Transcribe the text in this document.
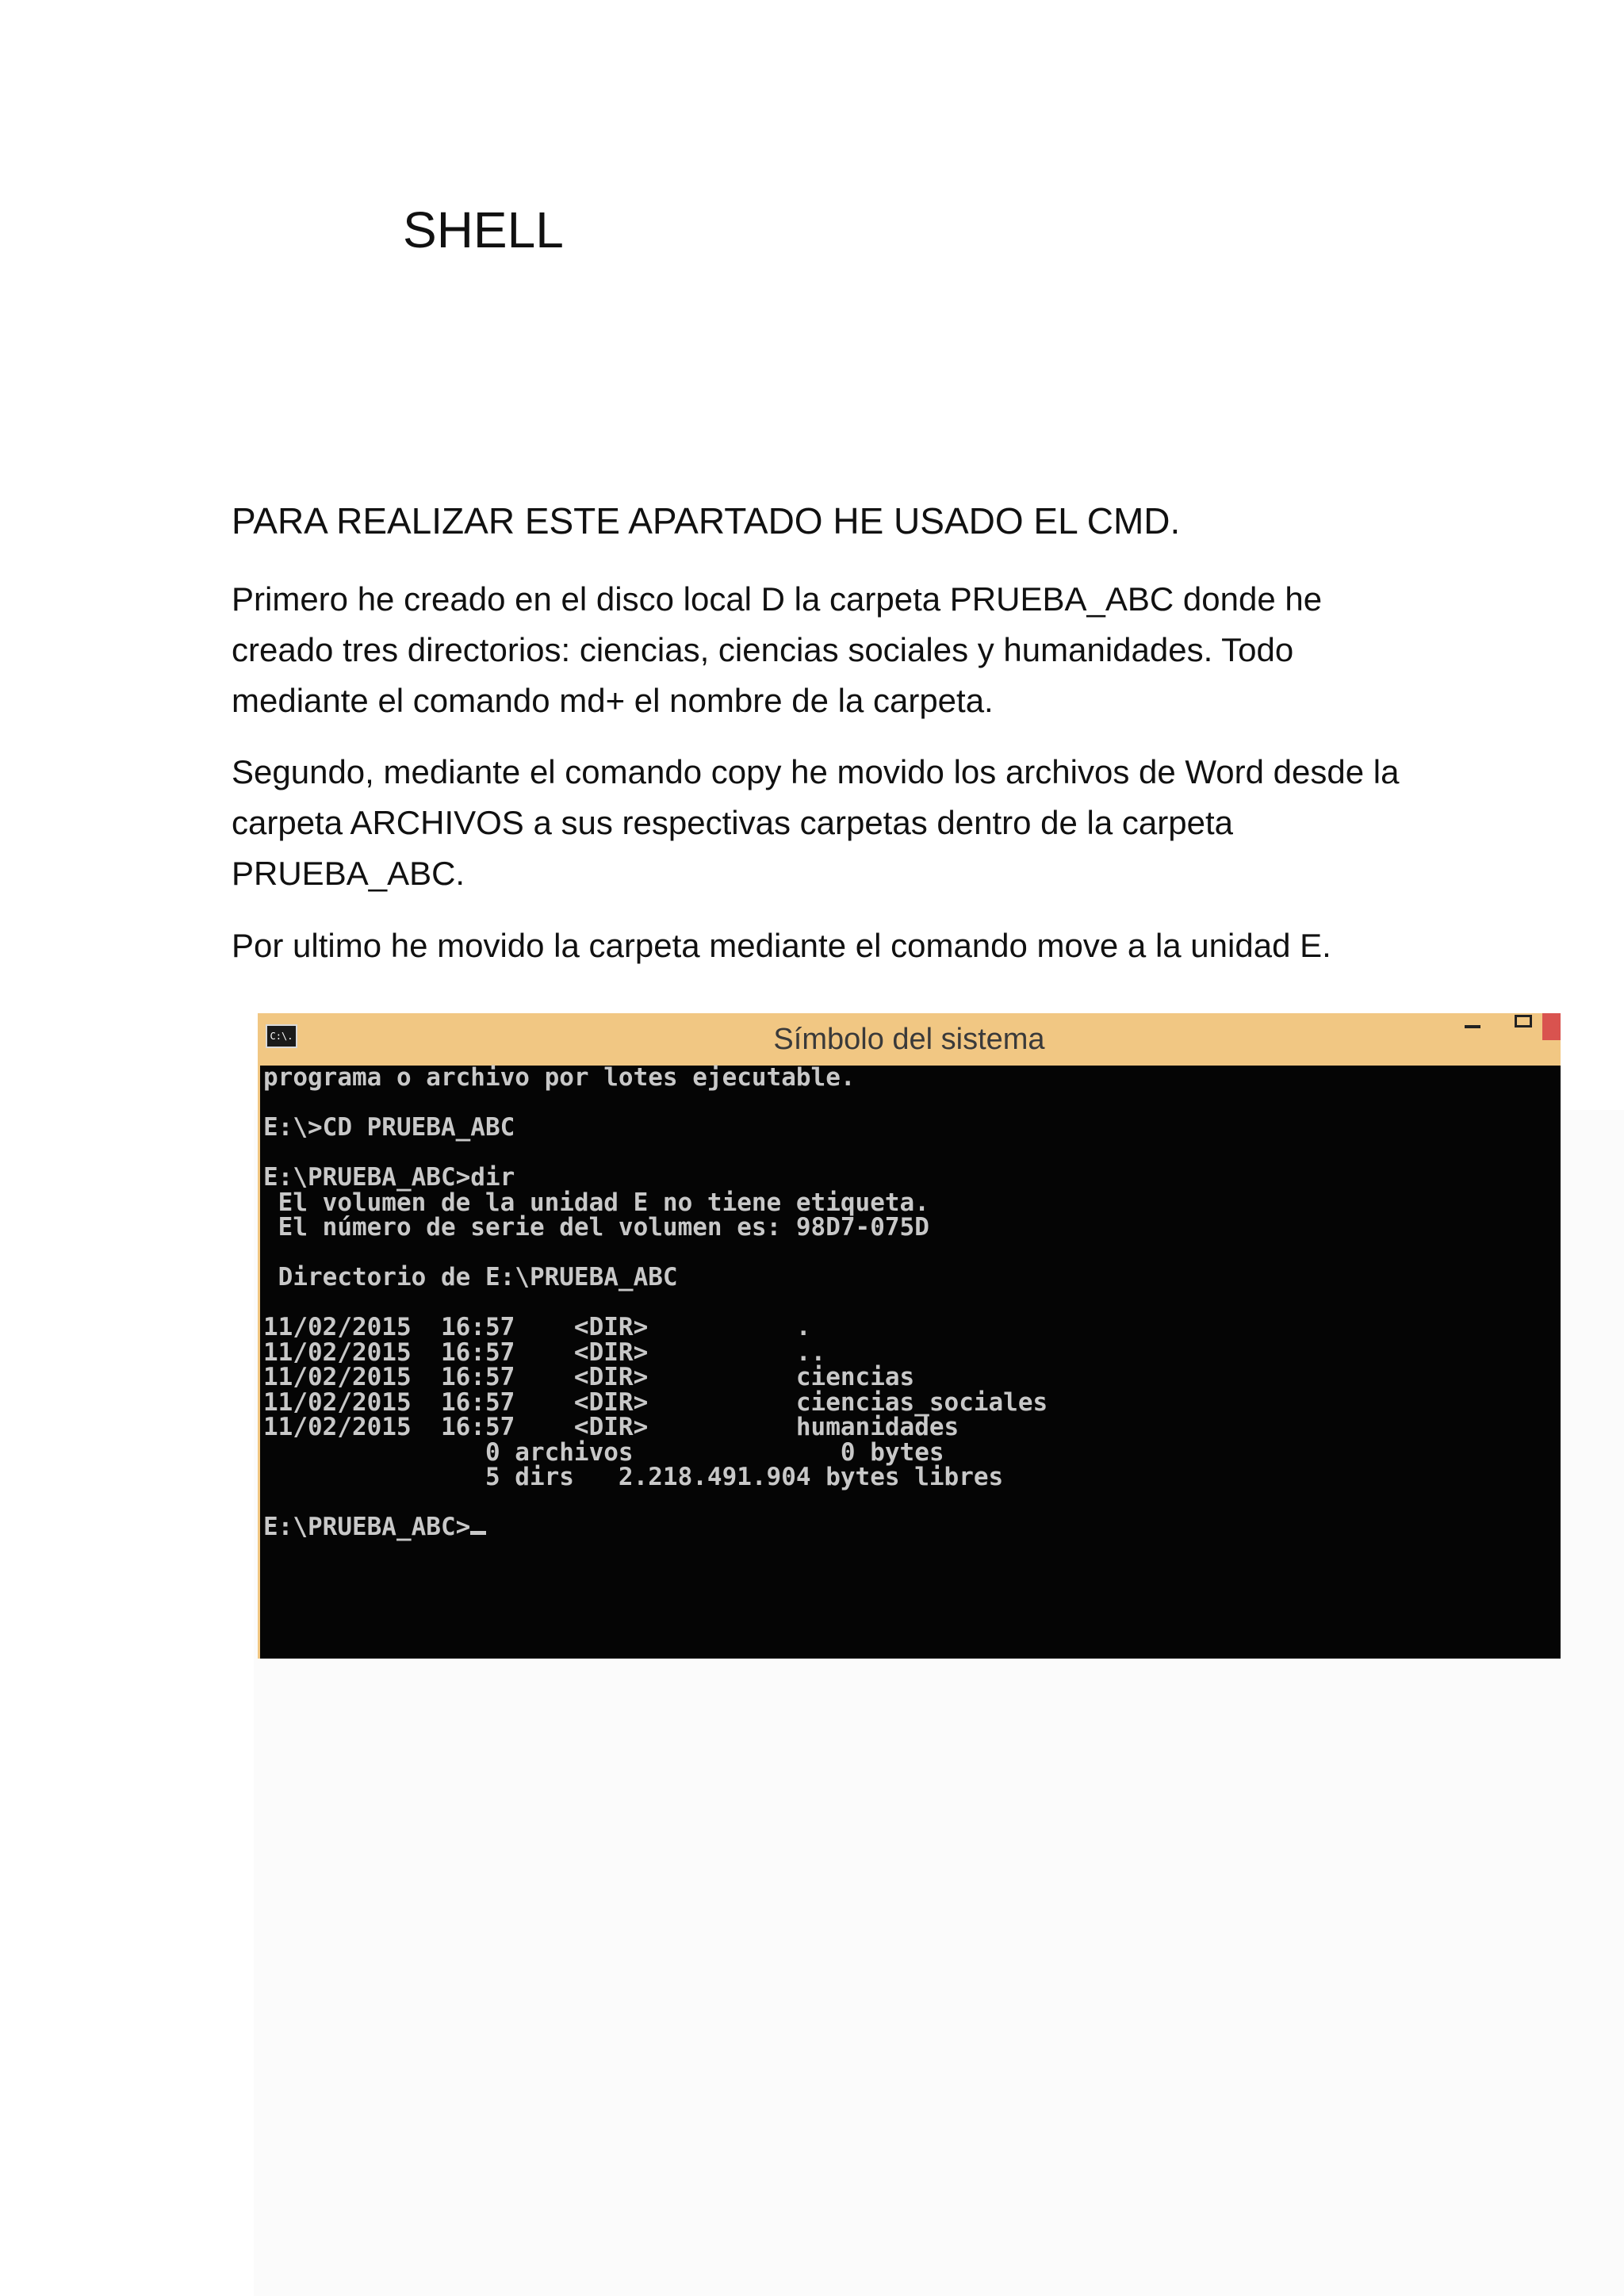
SHELL
PARA REALIZAR ESTE APARTADO HE USADO EL CMD.

Primero he creado en el disco local D la carpeta PRUEBA_ABC donde he creado tres directorios: ciencias, ciencias sociales y humanidades. Todo mediante el comando md+ el nombre de la carpeta.

Segundo, mediante el comando copy he movido los archivos de Word desde la carpeta ARCHIVOS a sus respectivas carpetas dentro de la carpeta PRUEBA_ABC.

Por ultimo he movido la carpeta mediante el comando move a la unidad E.

C:\.	Símbolo del sistema
programa o archivo por lotes ejecutable.

E:\>CD PRUEBA_ABC

E:\PRUEBA_ABC>dir
El volumen de la unidad E no tiene etiqueta.
El número de serie del volumen es: 98D7-075D

Directorio de E:\PRUEBA_ABC

11/02/2015  16:57    <DIR>          .
11/02/2015  16:57    <DIR>          ..
11/02/2015  16:57    <DIR>          ciencias
11/02/2015  16:57    <DIR>          ciencias_sociales
11/02/2015  16:57    <DIR>          humanidades
0 archivos              0 bytes
5 dirs   2.218.491.904 bytes libres

E:\PRUEBA_ABC>
